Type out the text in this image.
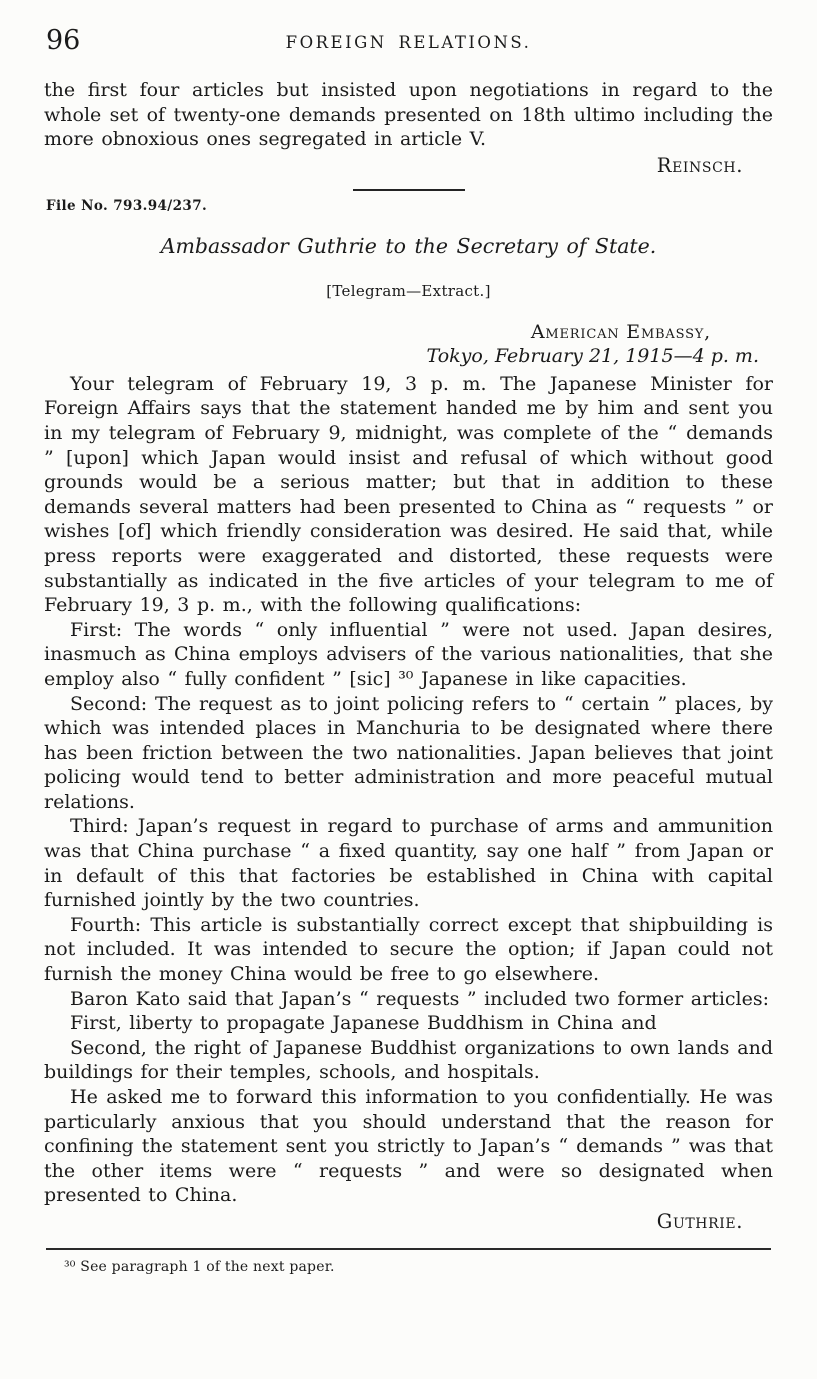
96	FOREIGN RELATIONS.

the first four articles but insisted upon negotiations in regard to the whole set of twenty-one demands presented on 18th ultimo including the more obnoxious ones segregated in article V.

Reinsch.
File No. 793.94/237.
Ambassador Guthrie to the Secretary of State.
[Telegram—Extract.]
American Embassy,
Tokyo, February 21, 1915—4 p. m.

Your telegram of February 19, 3 p. m. The Japanese Minister for Foreign Affairs says that the statement handed me by him and sent you in my telegram of February 9, midnight, was complete of the “ demands ” [upon] which Japan would insist and refusal of which without good grounds would be a serious matter; but that in addition to these demands several matters had been presented to China as “ requests ” or wishes [of] which friendly consideration was desired. He said that, while press reports were exaggerated and distorted, these requests were substantially as indicated in the five articles of your telegram to me of February 19, 3 p. m., with the following qualifications:

First: The words “ only influential ” were not used. Japan desires, inasmuch as China employs advisers of the various nationalities, that she employ also “ fully confident ” [sic] ³⁰ Japanese in like capacities.

Second: The request as to joint policing refers to “ certain ” places, by which was intended places in Manchuria to be designated where there has been friction between the two nationalities. Japan believes that joint policing would tend to better administration and more peaceful mutual relations.

Third: Japan’s request in regard to purchase of arms and ammunition was that China purchase “ a fixed quantity, say one half ” from Japan or in default of this that factories be established in China with capital furnished jointly by the two countries.

Fourth: This article is substantially correct except that shipbuilding is not included. It was intended to secure the option; if Japan could not furnish the money China would be free to go elsewhere.

Baron Kato said that Japan’s “ requests ” included two former articles:

First, liberty to propagate Japanese Buddhism in China and

Second, the right of Japanese Buddhist organizations to own lands and buildings for their temples, schools, and hospitals.

He asked me to forward this information to you confidentially. He was particularly anxious that you should understand that the reason for confining the statement sent you strictly to Japan’s “ demands ” was that the other items were “ requests ” and were so designated when presented to China.

Guthrie.
³⁰ See paragraph 1 of the next paper.
